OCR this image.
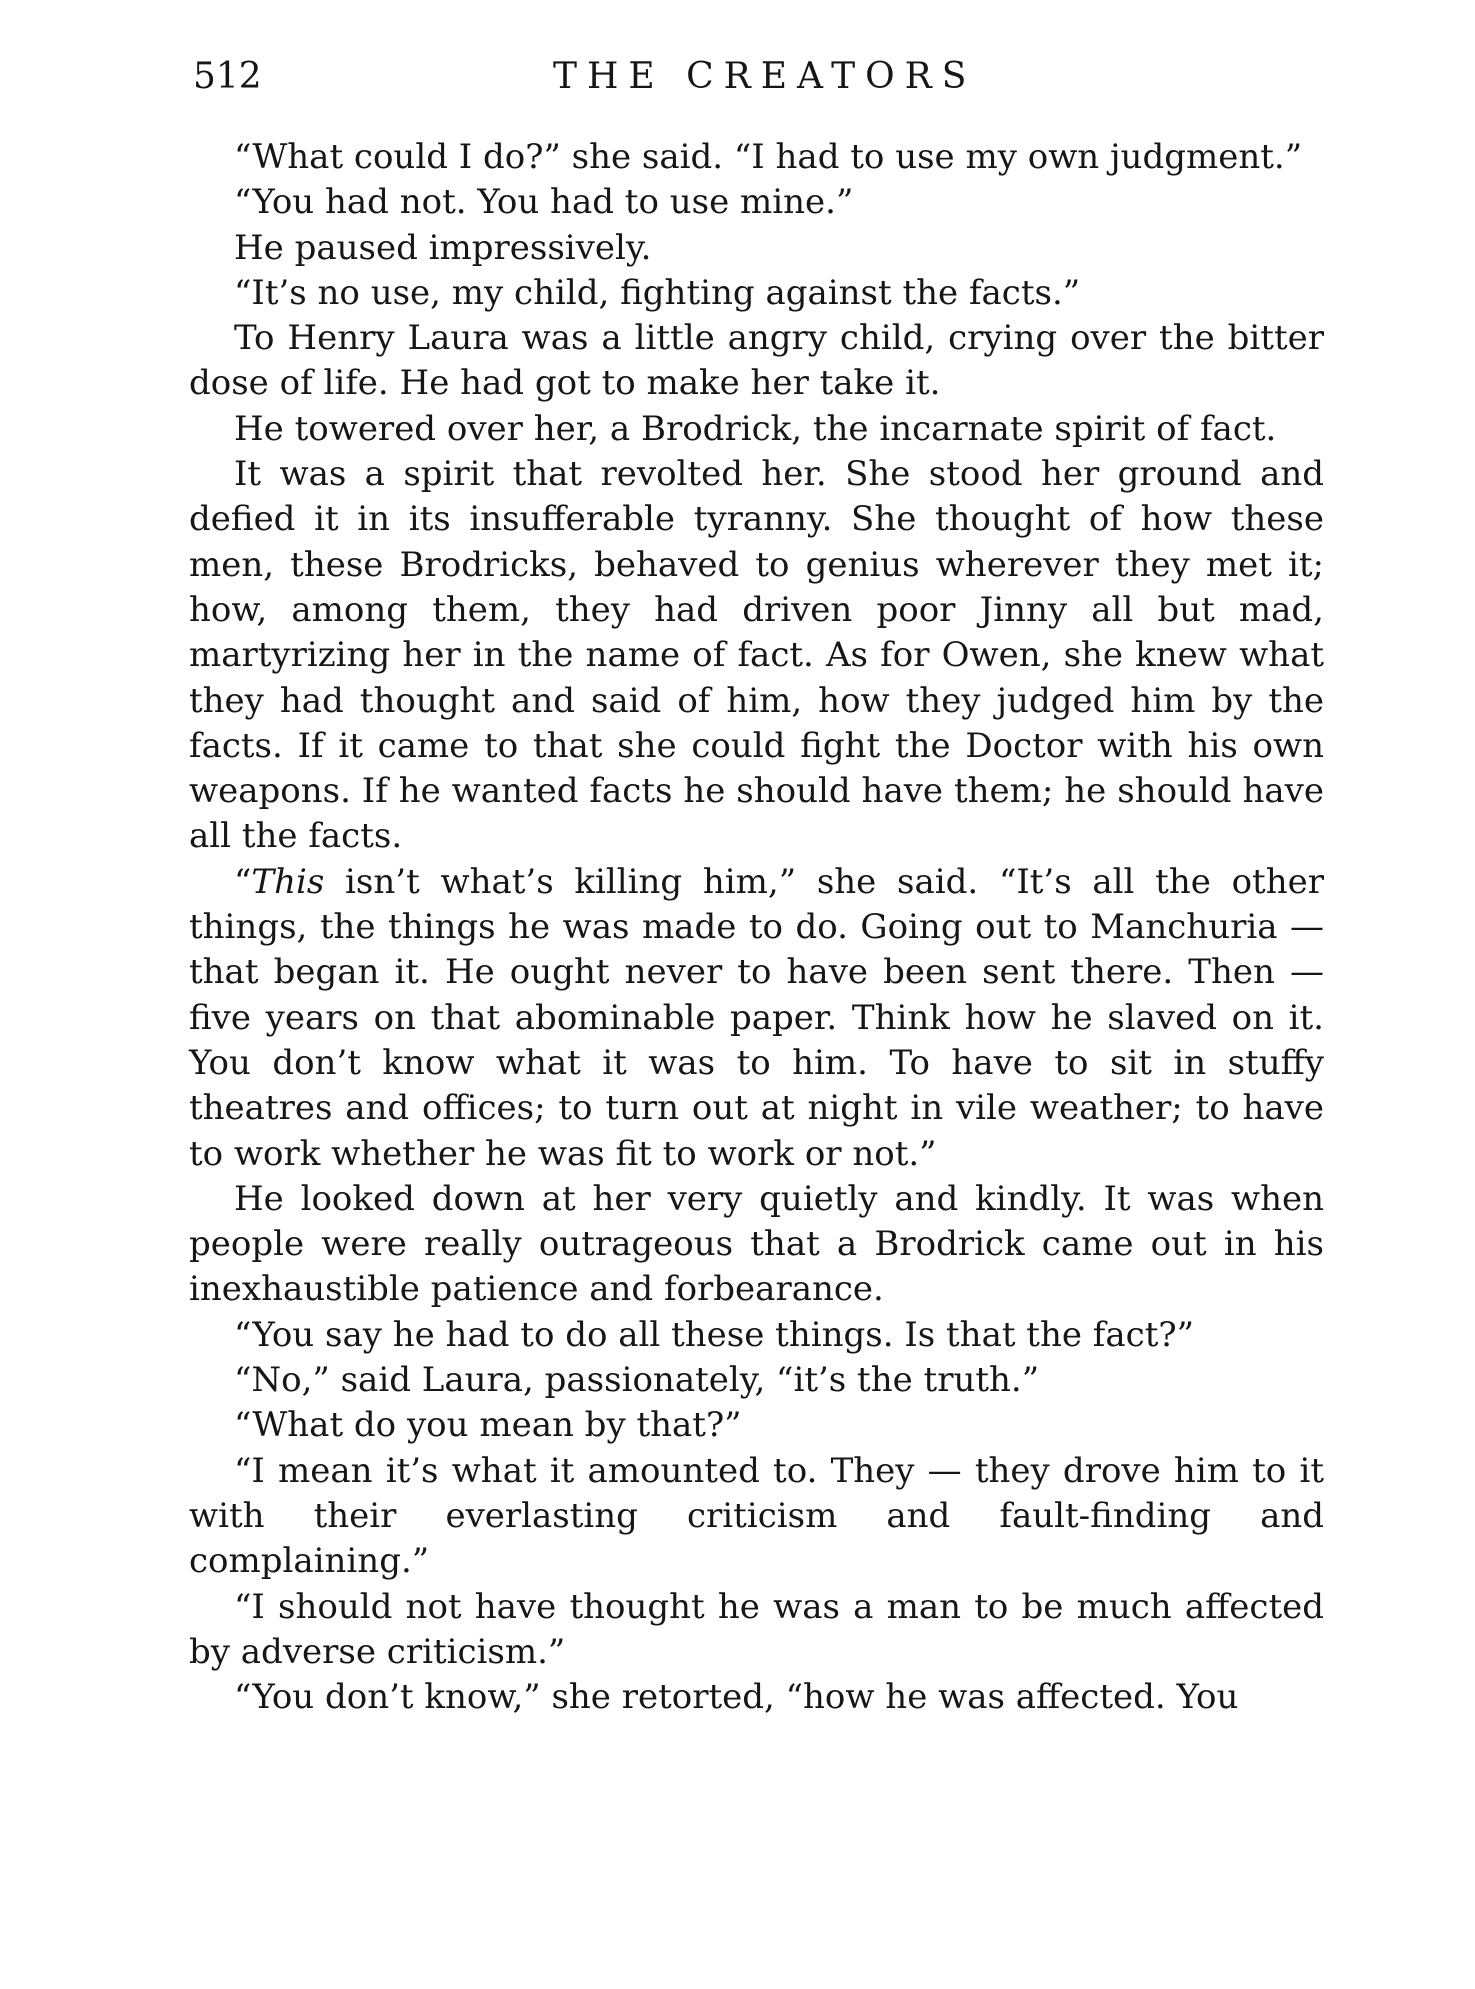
512	THE CREATORS

“What could I do?” she said. “I had to use my own judgment.”

“You had not. You had to use mine.”

He paused impressively.

“It’s no use, my child, fighting against the facts.”

To Henry Laura was a little angry child, crying over the bitter dose of life. He had got to make her take it.

He towered over her, a Brodrick, the incarnate spirit of fact.

It was a spirit that revolted her. She stood her ground and defied it in its insufferable tyranny. She thought of how these men, these Brodricks, behaved to genius wherever they met it; how, among them, they had driven poor Jinny all but mad, martyrizing her in the name of fact. As for Owen, she knew what they had thought and said of him, how they judged him by the facts. If it came to that she could fight the Doctor with his own weapons. If he wanted facts he should have them; he should have all the facts.

“This isn’t what’s killing him,” she said. “It’s all the other things, the things he was made to do. Going out to Manchuria — that began it. He ought never to have been sent there. Then — five years on that abominable paper. Think how he slaved on it. You don’t know what it was to him. To have to sit in stuffy theatres and offices; to turn out at night in vile weather; to have to work whether he was fit to work or not.”

He looked down at her very quietly and kindly. It was when people were really outrageous that a Brodrick came out in his inexhaustible patience and forbearance.

“You say he had to do all these things. Is that the fact?”

“No,” said Laura, passionately, “it’s the truth.”

“What do you mean by that?”

“I mean it’s what it amounted to. They — they drove him to it with their everlasting criticism and fault-finding and complaining.”

“I should not have thought he was a man to be much affected by adverse criticism.”

“You don’t know,” she retorted, “how he was affected. You
